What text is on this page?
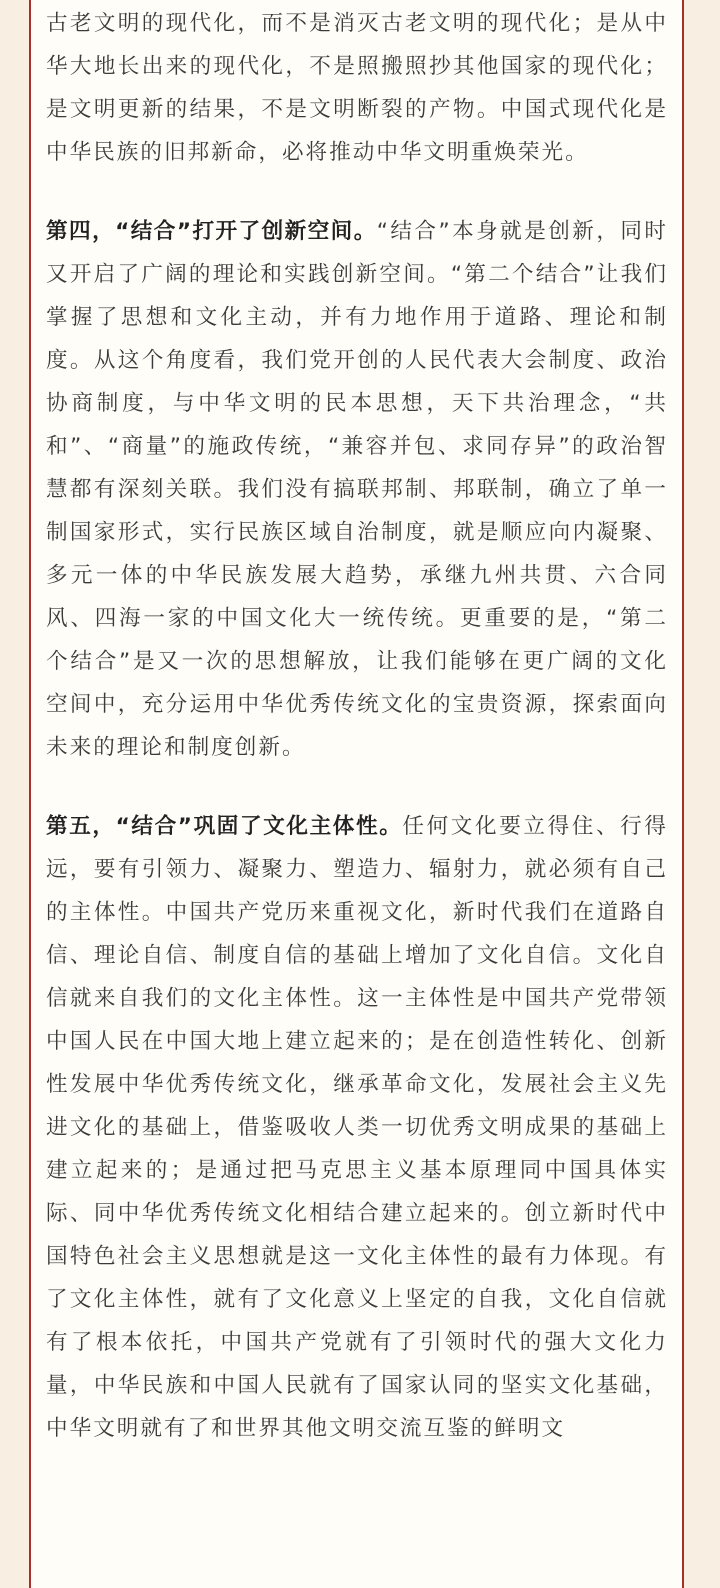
古老文明的现代化，而不是消灭古老文明的现代化；是从中华大地长出来的现代化，不是照搬照抄其他国家的现代化；是文明更新的结果，不是文明断裂的产物。中国式现代化是中华民族的旧邦新命，必将推动中华文明重焕荣光。

第四，“结合”打开了创新空间。“结合”本身就是创新，同时又开启了广阔的理论和实践创新空间。“第二个结合”让我们掌握了思想和文化主动，并有力地作用于道路、理论和制度。从这个角度看，我们党开创的人民代表大会制度、政治协商制度，与中华文明的民本思想，天下共治理念，“共和”、“商量”的施政传统，“兼容并包、求同存异”的政治智慧都有深刻关联。我们没有搞联邦制、邦联制，确立了单一制国家形式，实行民族区域自治制度，就是顺应向内凝聚、多元一体的中华民族发展大趋势，承继九州共贯、六合同风、四海一家的中国文化大一统传统。更重要的是，“第二个结合”是又一次的思想解放，让我们能够在更广阔的文化空间中，充分运用中华优秀传统文化的宝贵资源，探索面向未来的理论和制度创新。

第五，“结合”巩固了文化主体性。任何文化要立得住、行得远，要有引领力、凝聚力、塑造力、辐射力，就必须有自己的主体性。中国共产党历来重视文化，新时代我们在道路自信、理论自信、制度自信的基础上增加了文化自信。文化自信就来自我们的文化主体性。这一主体性是中国共产党带领中国人民在中国大地上建立起来的；是在创造性转化、创新性发展中华优秀传统文化，继承革命文化，发展社会主义先进文化的基础上，借鉴吸收人类一切优秀文明成果的基础上建立起来的；是通过把马克思主义基本原理同中国具体实际、同中华优秀传统文化相结合建立起来的。创立新时代中国特色社会主义思想就是这一文化主体性的最有力体现。有了文化主体性，就有了文化意义上坚定的自我，文化自信就有了根本依托，中国共产党就有了引领时代的强大文化力量，中华民族和中国人民就有了国家认同的坚实文化基础，中华文明就有了和世界其他文明交流互鉴的鲜明文
